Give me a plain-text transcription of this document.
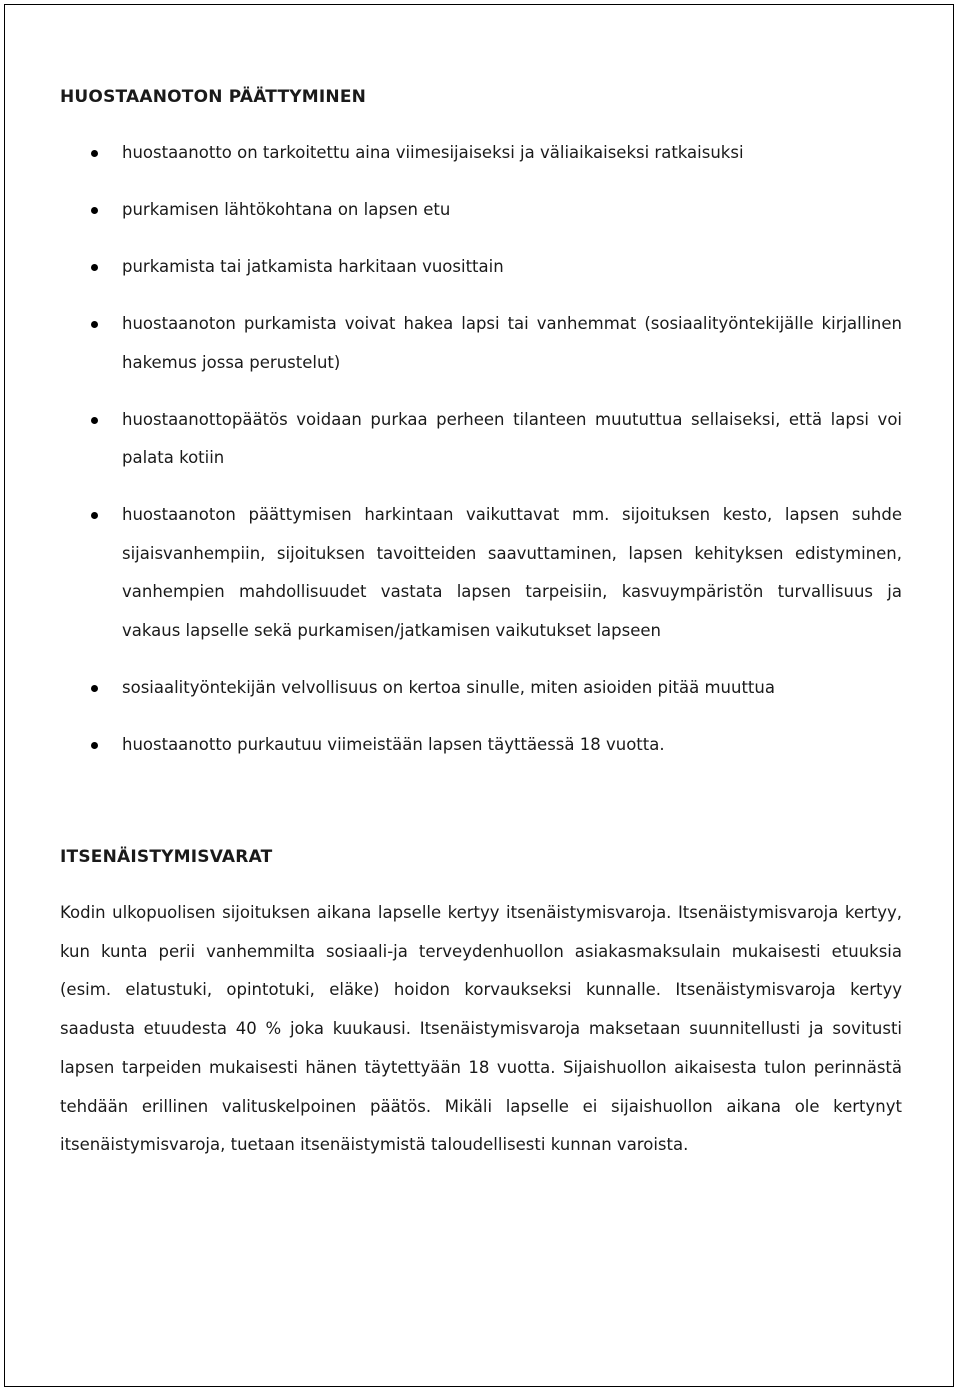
HUOSTAANOTON PÄÄTTYMINEN
huostaanotto on tarkoitettu aina viimesijaiseksi ja väliaikaiseksi ratkaisuksi
purkamisen lähtökohtana on lapsen etu
purkamista tai jatkamista harkitaan vuosittain
huostaanoton purkamista voivat hakea lapsi tai vanhemmat (sosiaalityöntekijälle kirjallinen hakemus jossa perustelut)
huostaanottopäätös voidaan purkaa perheen tilanteen muututtua sellaiseksi, että lapsi voi palata kotiin
huostaanoton päättymisen harkintaan vaikuttavat mm. sijoituksen kesto, lapsen suhde sijaisvanhempiin, sijoituksen tavoitteiden saavuttaminen, lapsen kehityksen edistyminen, vanhempien mahdollisuudet vastata lapsen tarpeisiin, kasvuympäristön turvallisuus ja vakaus lapselle sekä purkamisen/jatkamisen vaikutukset lapseen
sosiaalityöntekijän velvollisuus on kertoa sinulle, miten asioiden pitää muuttua
huostaanotto purkautuu viimeistään lapsen täyttäessä 18 vuotta.
ITSENÄISTYMISVARAT

Kodin ulkopuolisen sijoituksen aikana lapselle kertyy itsenäistymisvaroja. Itsenäistymisvaroja kertyy, kun kunta perii vanhemmilta sosiaali-ja terveydenhuollon asiakasmaksulain mukaisesti etuuksia (esim. elatustuki, opintotuki, eläke) hoidon korvaukseksi kunnalle. Itsenäistymisvaroja kertyy saadusta etuudesta 40 % joka kuukausi. Itsenäistymisvaroja maksetaan suunnitellusti ja sovitusti lapsen tarpeiden mukaisesti hänen täytettyään 18 vuotta. Sijaishuollon aikaisesta tulon perinnästä tehdään erillinen valituskelpoinen päätös. Mikäli lapselle ei sijaishuollon aikana ole kertynyt itsenäistymisvaroja, tuetaan itsenäistymistä taloudellisesti kunnan varoista.
